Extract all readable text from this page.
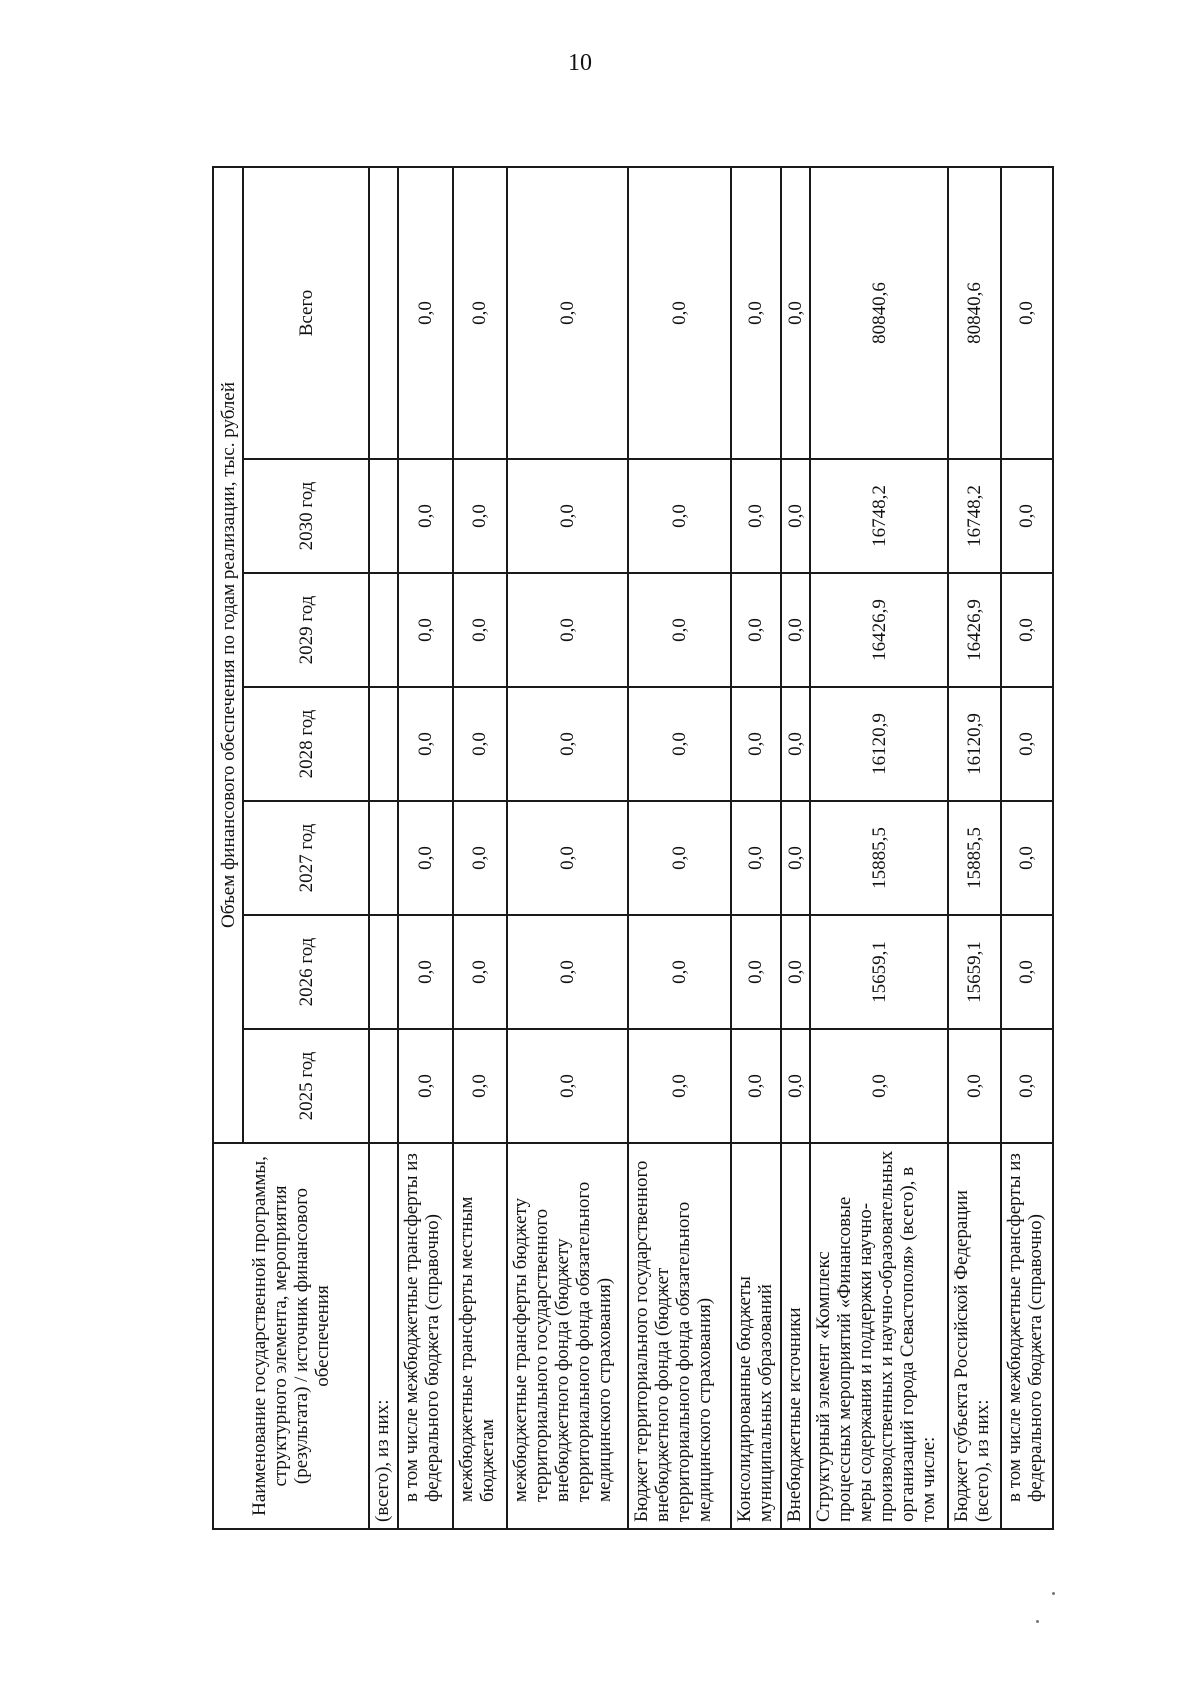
10
Наименование государственной программы, структурного элемента, мероприятия (результата) / источник финансового обеспечения	Объем финансового обеспечения по годам реализации, тыс. рублей						
	2025 год	2026 год	2027 год	2028 год	2029 год	2030 год	Всего
(всего), из них:							
в том числе межбюджетные трансферты из федерального бюджета (справочно)	0,0	0,0	0,0	0,0	0,0	0,0	0,0
межбюджетные трансферты местным бюджетам	0,0	0,0	0,0	0,0	0,0	0,0	0,0
межбюджетные трансферты бюджету территориального государственного внебюджетного фонда (бюджету территориального фонда обязательного медицинского страхования)	0,0	0,0	0,0	0,0	0,0	0,0	0,0
Бюджет территориального государственного внебюджетного фонда (бюджет территориального фонда обязательного медицинского страхования)	0,0	0,0	0,0	0,0	0,0	0,0	0,0
Консолидированные бюджеты муниципальных образований	0,0	0,0	0,0	0,0	0,0	0,0	0,0
Внебюджетные источники	0,0	0,0	0,0	0,0	0,0	0,0	0,0
Структурный элемент «Комплекс процессных мероприятий «Финансовые меры содержания и поддержки научно-производственных и научно-образовательных организаций города Севастополя» (всего), в том числе:	0,0	15659,1	15885,5	16120,9	16426,9	16748,2	80840,6
Бюджет субъекта Российской Федерации (всего), из них:	0,0	15659,1	15885,5	16120,9	16426,9	16748,2	80840,6
в том числе межбюджетные трансферты из федерального бюджета (справочно)	0,0	0,0	0,0	0,0	0,0	0,0	0,0
